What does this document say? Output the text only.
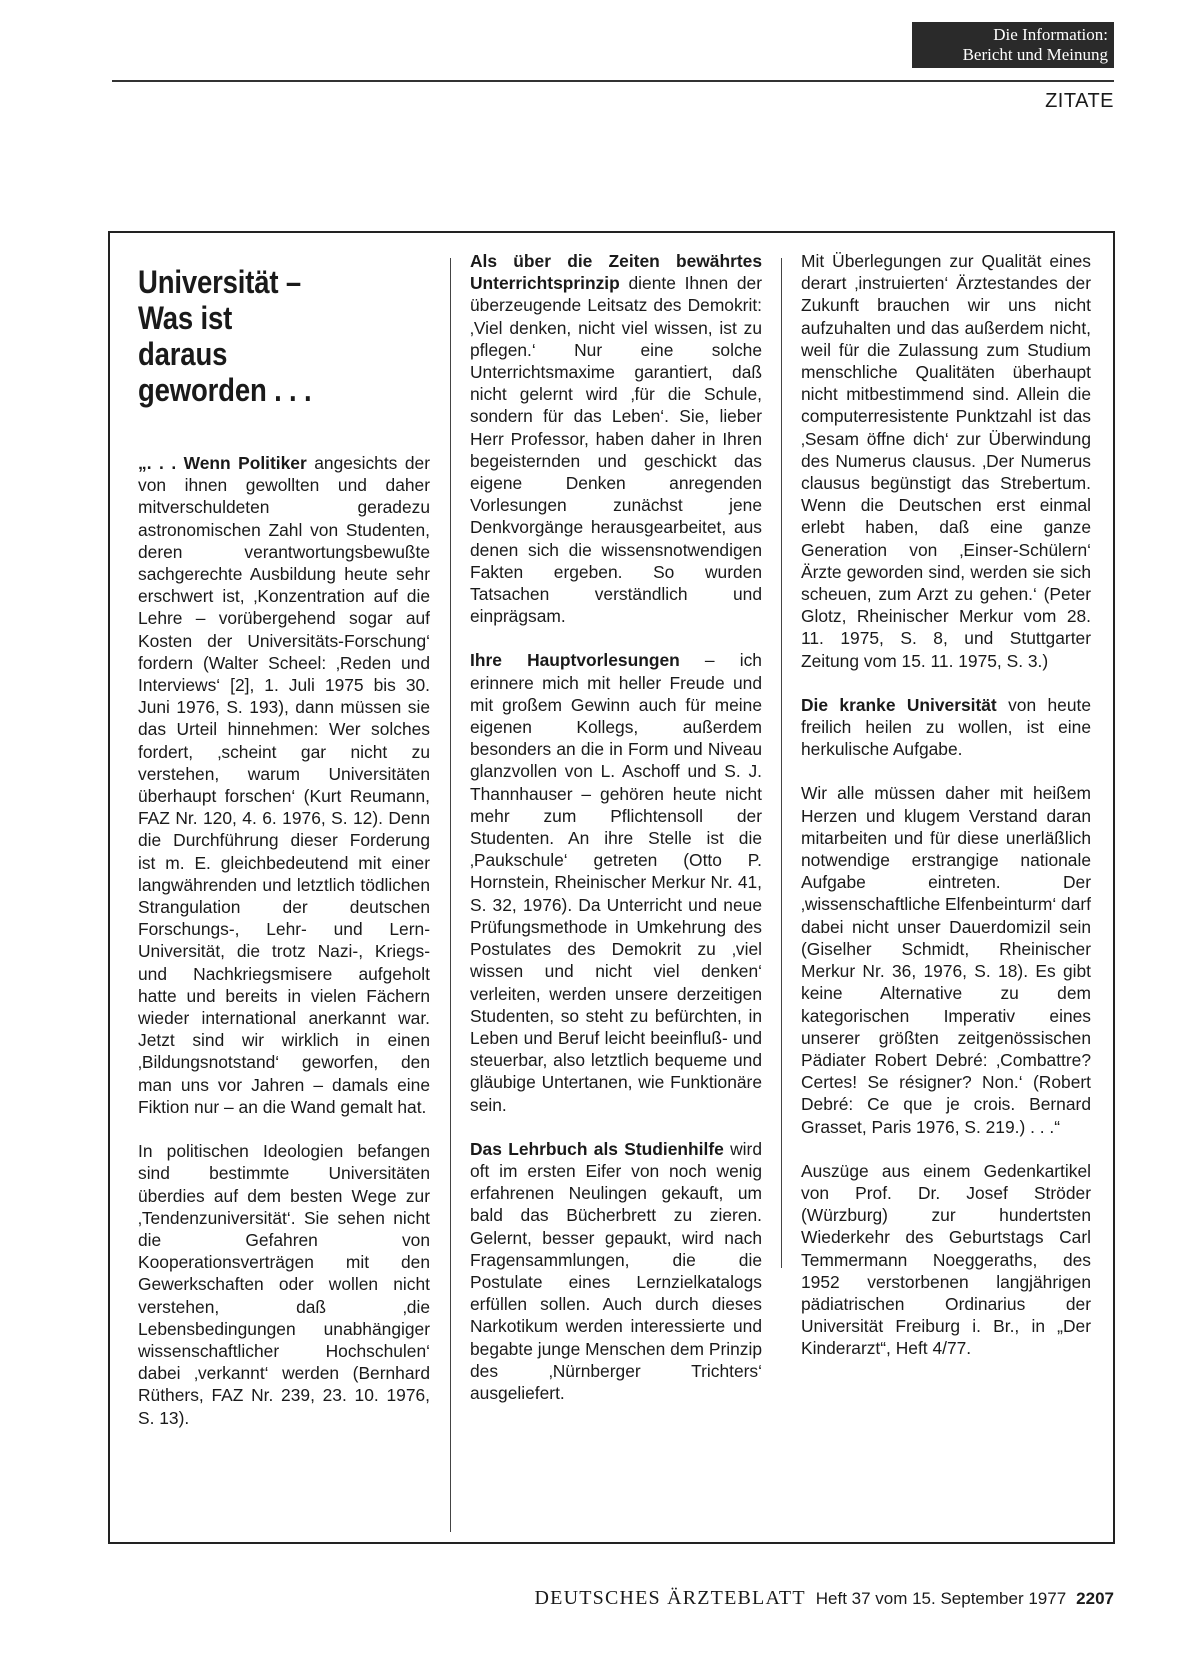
Die Information:
Bericht und Meinung
ZITATE
Universität –
Was ist
daraus
geworden . . .

„. . . Wenn Politiker angesichts der von ihnen gewollten und daher mitverschuldeten geradezu astronomischen Zahl von Studenten, deren verantwortungsbewußte sachgerechte Ausbildung heute sehr erschwert ist, ‚Konzentration auf die Lehre – vorübergehend sogar auf Kosten der Universitäts-Forschung‘ fordern (Walter Scheel: ‚Reden und Interviews‘ [2], 1. Juli 1975 bis 30. Juni 1976, S. 193), dann müssen sie das Urteil hinnehmen: Wer solches fordert, ‚scheint gar nicht zu verstehen, warum Universitäten überhaupt forschen‘ (Kurt Reumann, FAZ Nr. 120, 4. 6. 1976, S. 12). Denn die Durchführung dieser Forderung ist m. E. gleichbedeutend mit einer langwährenden und letztlich tödlichen Strangulation der deutschen Forschungs-, Lehr- und Lern-Universität, die trotz Nazi-, Kriegs- und Nachkriegsmisere aufgeholt hatte und bereits in vielen Fächern wieder international anerkannt war. Jetzt sind wir wirklich in einen ‚Bildungsnotstand‘ geworfen, den man uns vor Jahren – damals eine Fiktion nur – an die Wand gemalt hat.

In politischen Ideologien befangen sind bestimmte Universitäten überdies auf dem besten Wege zur ‚Tendenzuniversität‘. Sie sehen nicht die Gefahren von Kooperationsverträgen mit den Gewerkschaften oder wollen nicht verstehen, daß ‚die Lebensbedingungen unabhängiger wissenschaftlicher Hochschulen‘ dabei ‚verkannt‘ werden (Bernhard Rüthers, FAZ Nr. 239, 23. 10. 1976, S. 13).

Als über die Zeiten bewährtes Unterrichtsprinzip diente Ihnen der überzeugende Leitsatz des Demokrit: ‚Viel denken, nicht viel wissen, ist zu pflegen.‘ Nur eine solche Unterrichtsmaxime garantiert, daß nicht gelernt wird ‚für die Schule, sondern für das Leben‘. Sie, lieber Herr Professor, haben daher in Ihren begeisternden und geschickt das eigene Denken anregenden Vorlesungen zunächst jene Denkvorgänge herausgearbeitet, aus denen sich die wissensnotwendigen Fakten ergeben. So wurden Tatsachen verständlich und einprägsam.

Ihre Hauptvorlesungen – ich erinnere mich mit heller Freude und mit großem Gewinn auch für meine eigenen Kollegs, außerdem besonders an die in Form und Niveau glanzvollen von L. Aschoff und S. J. Thannhauser – gehören heute nicht mehr zum Pflichtensoll der Studenten. An ihre Stelle ist die ‚Paukschule‘ getreten (Otto P. Hornstein, Rheinischer Merkur Nr. 41, S. 32, 1976). Da Unterricht und neue Prüfungsmethode in Umkehrung des Postulates des Demokrit zu ‚viel wissen und nicht viel denken‘ verleiten, werden unsere derzeitigen Studenten, so steht zu befürchten, in Leben und Beruf leicht beeinfluß- und steuerbar, also letztlich bequeme und gläubige Untertanen, wie Funktionäre sein.

Das Lehrbuch als Studienhilfe wird oft im ersten Eifer von noch wenig erfahrenen Neulingen gekauft, um bald das Bücherbrett zu zieren. Gelernt, besser gepaukt, wird nach Fragensammlungen, die die Postulate eines Lernzielkatalogs erfüllen sollen. Auch durch dieses Narkotikum werden interessierte und begabte junge Menschen dem Prinzip des ‚Nürnberger Trichters‘ ausgeliefert.

Mit Überlegungen zur Qualität eines derart ‚instruierten‘ Ärztestandes der Zukunft brauchen wir uns nicht aufzuhalten und das außerdem nicht, weil für die Zulassung zum Studium menschliche Qualitäten überhaupt nicht mitbestimmend sind. Allein die computerresistente Punktzahl ist das ‚Sesam öffne dich‘ zur Überwindung des Numerus clausus. ‚Der Numerus clausus begünstigt das Strebertum. Wenn die Deutschen erst einmal erlebt haben, daß eine ganze Generation von ‚Einser-Schülern‘ Ärzte geworden sind, werden sie sich scheuen, zum Arzt zu gehen.‘ (Peter Glotz, Rheinischer Merkur vom 28. 11. 1975, S. 8, und Stuttgarter Zeitung vom 15. 11. 1975, S. 3.)

Die kranke Universität von heute freilich heilen zu wollen, ist eine herkulische Aufgabe.

Wir alle müssen daher mit heißem Herzen und klugem Verstand daran mitarbeiten und für diese unerläßlich notwendige erstrangige nationale Aufgabe eintreten. Der ‚wissenschaftliche Elfenbeinturm‘ darf dabei nicht unser Dauerdomizil sein (Giselher Schmidt, Rheinischer Merkur Nr. 36, 1976, S. 18). Es gibt keine Alternative zu dem kategorischen Imperativ eines unserer größten zeitgenössischen Pädiater Robert Debré: ‚Combattre? Certes! Se résigner? Non.‘ (Robert Debré: Ce que je crois. Bernard Grasset, Paris 1976, S. 219.) . . .“

Auszüge aus einem Gedenkartikel von Prof. Dr. Josef Ströder (Würzburg) zur hundertsten Wiederkehr des Geburtstags Carl Temmermann Noeggeraths, des 1952 verstorbenen langjährigen pädiatrischen Ordinarius der Universität Freiburg i. Br., in „Der Kinderarzt“, Heft 4/77.

DEUTSCHES ÄRZTEBLATT Heft 37 vom 15. September 1977 2207
